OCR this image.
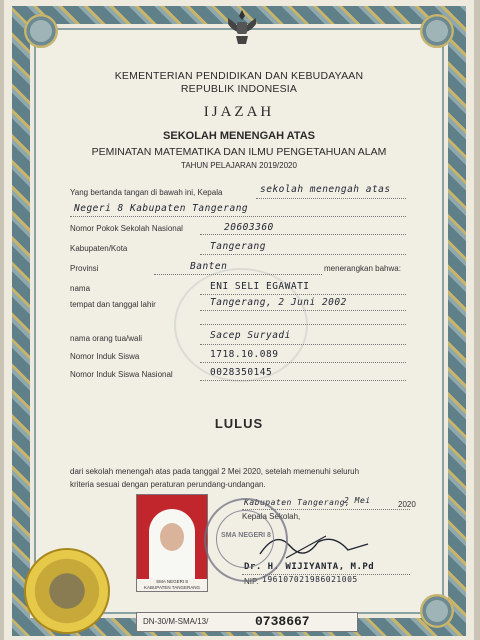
KEMENTERIAN PENDIDIKAN DAN KEBUDAYAAN
REPUBLIK INDONESIA
IJAZAH
SEKOLAH MENENGAH ATAS
PEMINATAN MATEMATIKA DAN ILMU PENGETAHUAN ALAM
TAHUN PELAJARAN 2019/2020
Yang bertanda tangan di bawah ini, Kepala	sekolah menengah atas
Negeri 8 Kabupaten Tangerang
Nomor Pokok Sekolah Nasional	20603360
Kabupaten/Kota	Tangerang
Provinsi	Banten	menerangkan bahwa:
nama	ENI SELI EGAWATI
tempat dan tanggal lahir	Tangerang, 2 Juni 2002
nama orang tua/wali	Sacep Suryadi
Nomor Induk Siswa	1718.10.089
Nomor Induk Siswa Nasional	0028350145
LULUS
dari sekolah menengah atas pada tanggal 2 Mei 2020, setelah memenuhi seluruh
kriteria sesuai dengan peraturan perundang-undangan.
Kabupaten Tangerang,
2 Mei	2020
Kepala Sekolah,
Dr. H. WIJIYANTA, M.Pd
NIP. 196107021986021005
SMA NEGERI 8
KABUPATEN TANGERANG
SMA NEGERI 8
DN-30/M-SMA/13/	0738667
